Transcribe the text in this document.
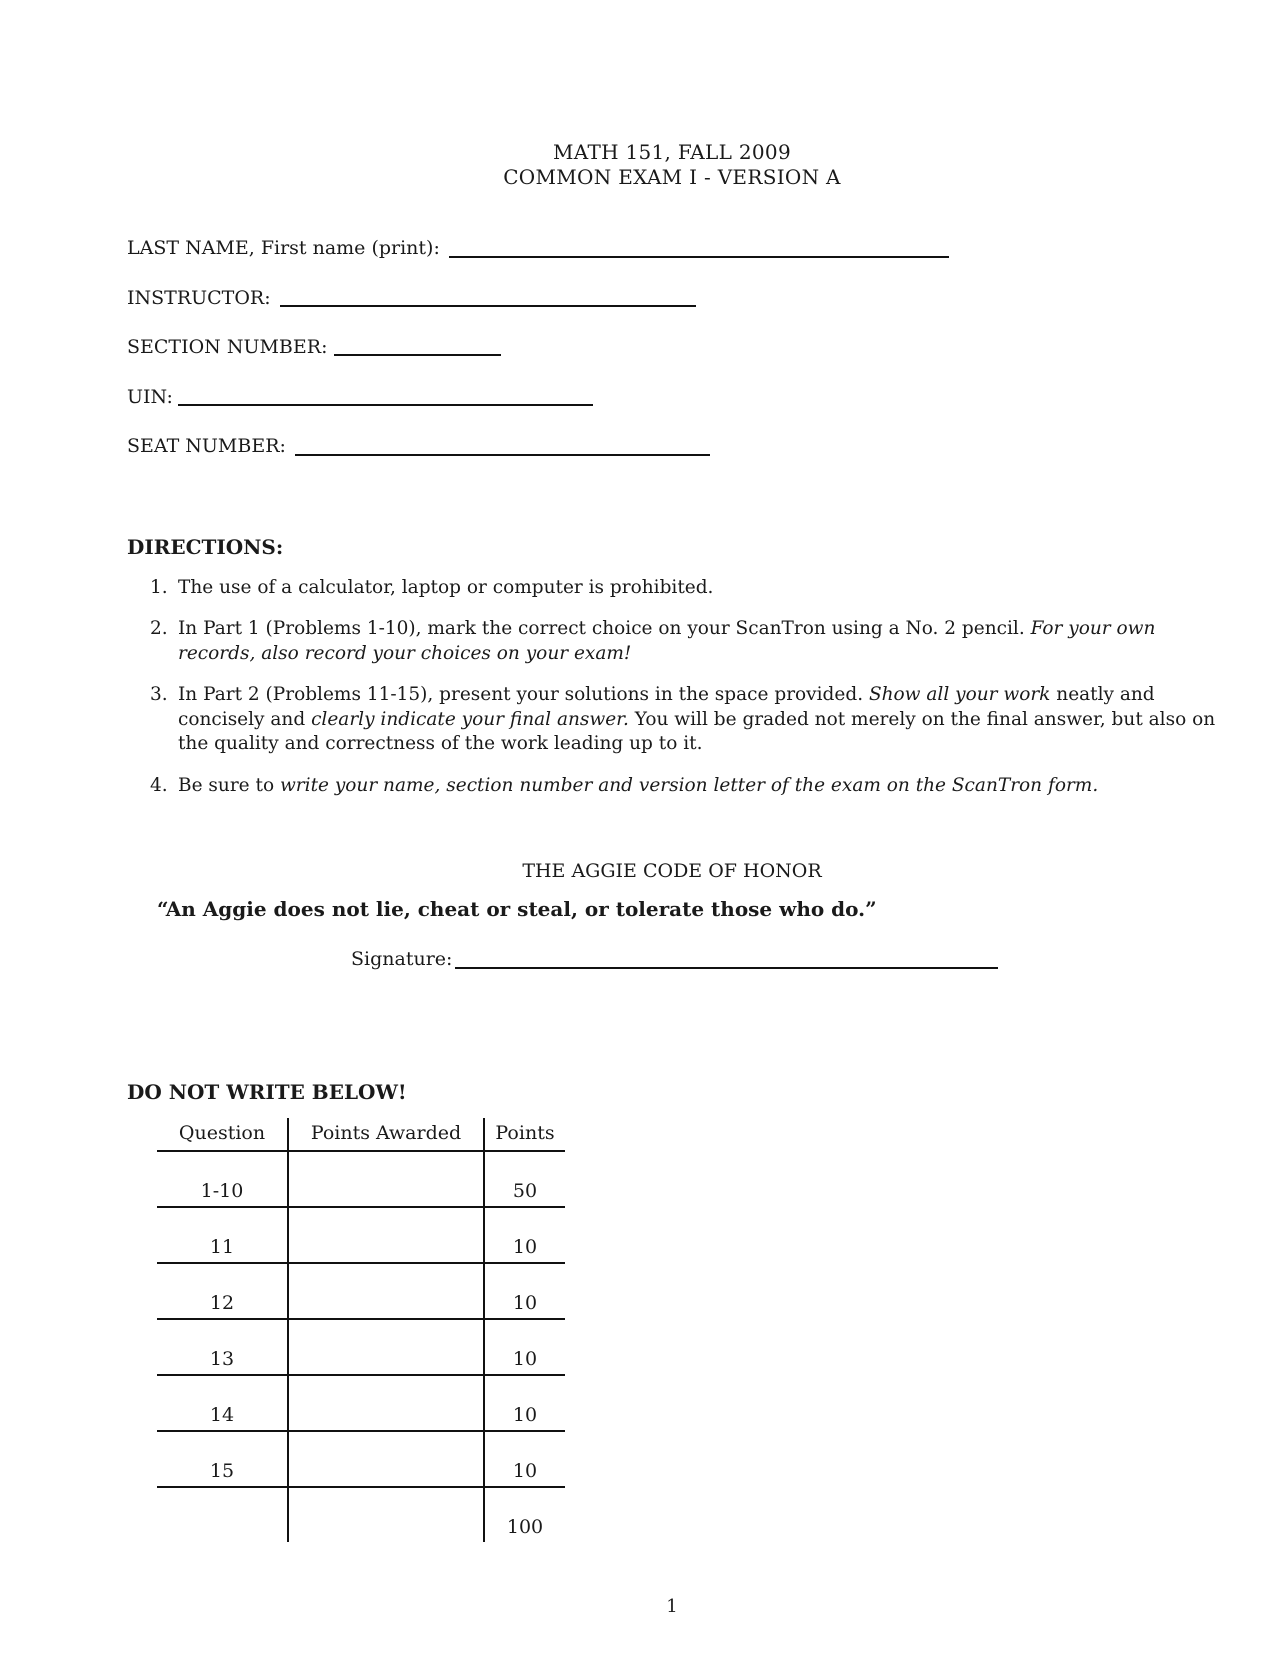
MATH 151, FALL 2009
COMMON EXAM I - VERSION A
LAST NAME, First name (print):
INSTRUCTOR:
SECTION NUMBER:
UIN:
SEAT NUMBER:
DIRECTIONS:
1. The use of a calculator, laptop or computer is prohibited.
2. In Part 1 (Problems 1-10), mark the correct choice on your ScanTron using a No. 2 pencil. For your own records, also record your choices on your exam!
3. In Part 2 (Problems 11-15), present your solutions in the space provided. Show all your work neatly and concisely and clearly indicate your final answer. You will be graded not merely on the final answer, but also on the quality and correctness of the work leading up to it.
4. Be sure to write your name, section number and version letter of the exam on the ScanTron form.
THE AGGIE CODE OF HONOR
“An Aggie does not lie, cheat or steal, or tolerate those who do.”
Signature:
DO NOT WRITE BELOW!
Question	Points Awarded	Points
1-10		50
11		10
12		10
13		10
14		10
15		10
		100
1
